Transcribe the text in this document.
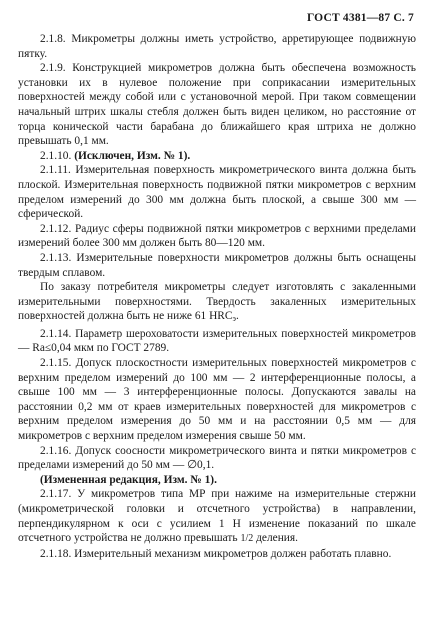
ГОСТ 4381—87 С. 7

2.1.8. Микрометры должны иметь устройство, арретирующее подвижную пятку.

2.1.9. Конструкцией микрометров должна быть обеспечена возможность установки их в нулевое положение при соприкасании измерительных поверхностей между собой или с установочной мерой. При таком совмещении начальный штрих шкалы стебля должен быть виден целиком, но расстояние от торца конической части барабана до ближайшего края штриха не должно превышать 0,1 мм.

2.1.10. (Исключен, Изм. № 1).

2.1.11. Измерительная поверхность микрометрического винта должна быть плоской. Измерительная поверхность подвижной пятки микрометров с верхним пределом измерений до 300 мм должна быть плоской, а свыше 300 мм — сферической.

2.1.12. Радиус сферы подвижной пятки микрометров с верхними пределами измерений более 300 мм должен быть 80—120 мм.

2.1.13. Измерительные поверхности микрометров должны быть оснащены твердым сплавом.

По заказу потребителя микрометры следует изготовлять с закаленными измерительными поверхностями. Твердость закаленных измерительных поверхностей должна быть не ниже 61 $HRC_э$.

2.1.14. Параметр шероховатости измерительных поверхностей микрометров — Ra≤0,04 мкм по ГОСТ 2789.

2.1.15. Допуск плоскостности измерительных поверхностей микрометров с верхним пределом измерений до 100 мм — 2 интерференционные полосы, а свыше 100 мм — 3 интерференционные полосы. Допускаются завалы на расстоянии 0,2 мм от краев измерительных поверхностей для микрометров с верхним пределом измерения до 50 мм и на расстоянии 0,5 мм — для микрометров с верхним пределом измерения свыше 50 мм.

2.1.16. Допуск соосности микрометрического винта и пятки микрометров с пределами измерений до 50 мм — ∅0,1.

(Измененная редакция, Изм. № 1).

2.1.17. У микрометров типа МР при нажиме на измерительные стержни (микрометрической головки и отсчетного устройства) в направлении, перпендикулярном к оси с усилием 1 Н изменение показаний по шкале отсчетного устройства не должно превышать 1/2 деления.

2.1.18. Измерительный механизм микрометров должен работать плавно.
